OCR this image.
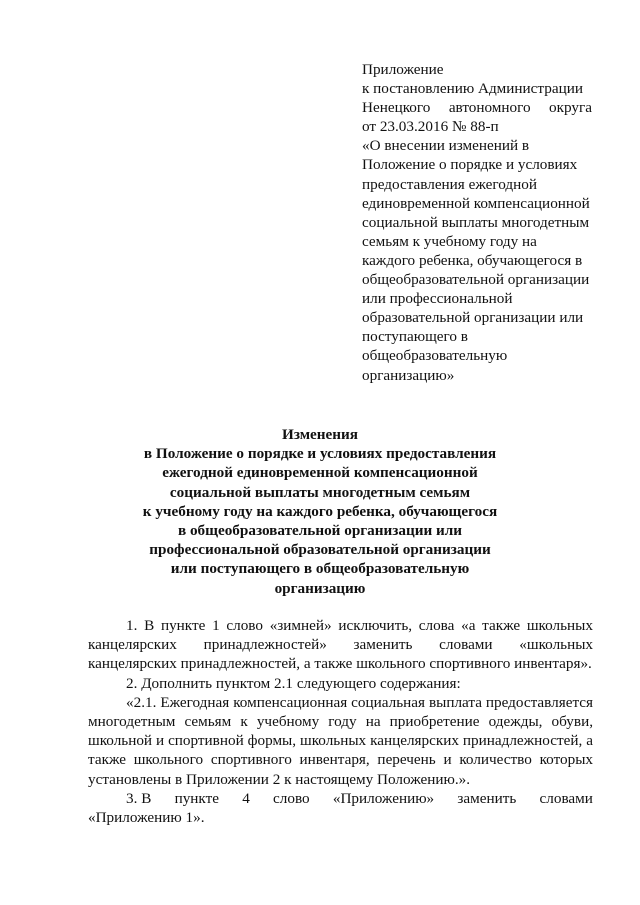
Приложение
к постановлению Администрации
Ненецкого автономного округа
от 23.03.2016 № 88-п
«О внесении изменений в
Положение о порядке и условиях
предоставления ежегодной
единовременной компенсационной
социальной выплаты многодетным
семьям к учебному году на
каждого ребенка, обучающегося в
общеобразовательной организации
или профессиональной
образовательной организации или
поступающего в
общеобразовательную
организацию»
Изменения
в Положение о порядке и условиях предоставления
ежегодной единовременной компенсационной
социальной выплаты многодетным семьям
к учебному году на каждого ребенка, обучающегося
в общеобразовательной организации или
профессиональной образовательной организации
или поступающего в общеобразовательную
организацию

1. В пункте 1 слово «зимней» исключить, слова «а также школьных канцелярских принадлежностей» заменить словами «школьных канцелярских принадлежностей, а также школьного спортивного инвентаря».

2. Дополнить пунктом 2.1 следующего содержания:

«2.1. Ежегодная компенсационная социальная выплата предоставляется многодетным семьям к учебному году на приобретение одежды, обуви, школьной и спортивной формы, школьных канцелярских принадлежностей, а также школьного спортивного инвентаря, перечень и количество которых установлены в Приложении 2 к настоящему Положению.».

3. В пункте 4 слово «Приложению» заменить словами

«Приложению 1».
